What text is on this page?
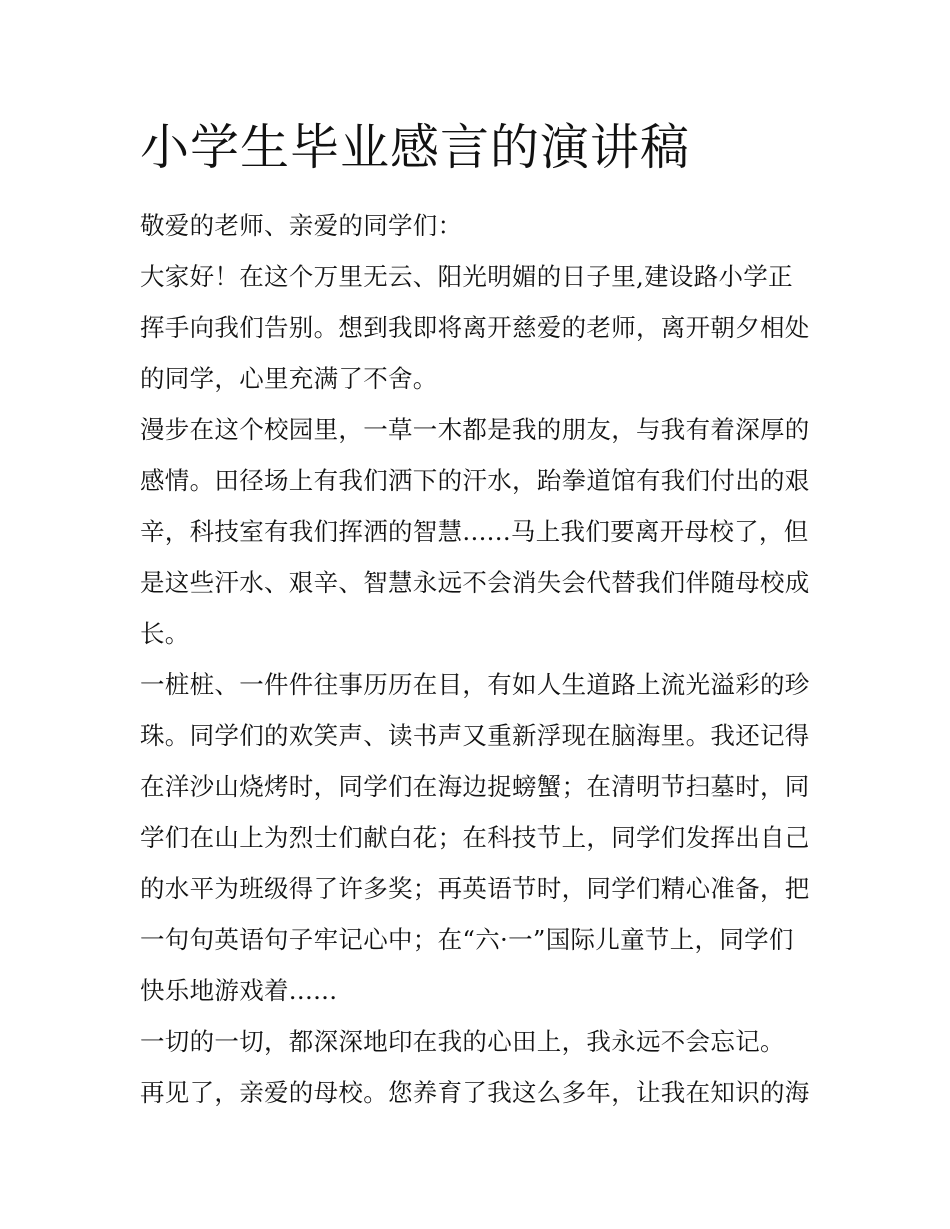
小学生毕业感言的演讲稿
敬爱的老师、亲爱的同学们：
大家好！在这个万里无云、阳光明媚的日子里,建设路小学正
挥手向我们告别。想到我即将离开慈爱的老师，离开朝夕相处
的同学，心里充满了不舍。
漫步在这个校园里，一草一木都是我的朋友，与我有着深厚的
感情。田径场上有我们洒下的汗水，跆拳道馆有我们付出的艰
辛，科技室有我们挥洒的智慧......马上我们要离开母校了，但
是这些汗水、艰辛、智慧永远不会消失会代替我们伴随母校成
长。
一桩桩、一件件往事历历在目，有如人生道路上流光溢彩的珍
珠。同学们的欢笑声、读书声又重新浮现在脑海里。我还记得
在洋沙山烧烤时，同学们在海边捉螃蟹；在清明节扫墓时，同
学们在山上为烈士们献白花；在科技节上，同学们发挥出自己
的水平为班级得了许多奖；再英语节时，同学们精心准备，把
一句句英语句子牢记心中；在“六·一”国际儿童节上，同学们
快乐地游戏着......
一切的一切，都深深地印在我的心田上，我永远不会忘记。
再见了，亲爱的母校。您养育了我这么多年，让我在知识的海
